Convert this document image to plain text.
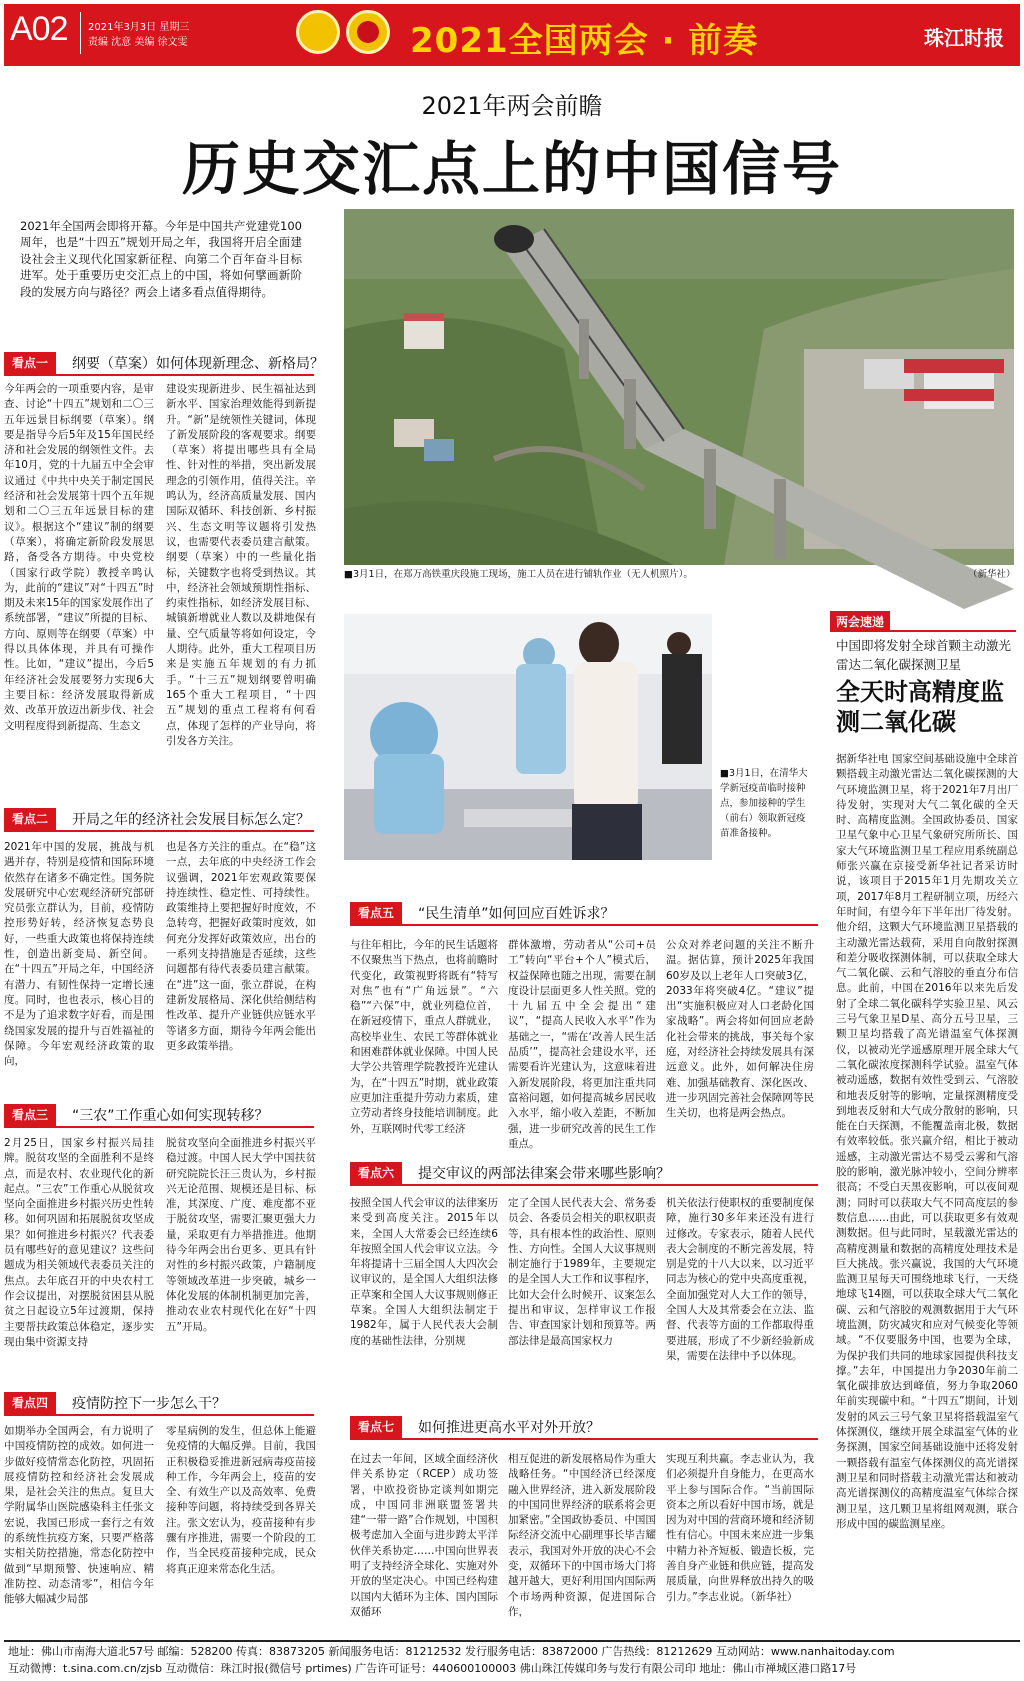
A02 2021年3月3日 星期三
责编 沈意 美编 徐文雯
★	2021全国两会 · 前奏	珠江时报
2021年两会前瞻
历史交汇点上的中国信号
2021年全国两会即将开幕。今年是中国共产党建党100周年，也是“十四五”规划开局之年，我国将开启全面建设社会主义现代化国家新征程、向第二个百年奋斗目标进军。处于重要历史交汇点上的中国，将如何擘画新阶段的发展方向与路径？两会上诸多看点值得期待。
■3月1日，在郑万高铁重庆段施工现场，施工人员在进行铺轨作业（无人机照片）。	（新华社）
■3月1日，在清华大学新冠疫苗临时接种点，参加接种的学生（前右）领取新冠疫苗准备接种。
看点一	纲要（草案）如何体现新理念、新格局？
今年两会的一项重要内容，是审查、讨论“十四五”规划和二〇三五年远景目标纲要（草案）。纲要是指导今后5年及15年国民经济和社会发展的纲领性文件。去年10月，党的十九届五中全会审议通过《中共中央关于制定国民经济和社会发展第十四个五年规划和二〇三五年远景目标的建议》。根据这个“建议”制的纲要（草案），将确定新阶段发展思路，备受各方期待。中央党校（国家行政学院）教授辛鸣认为，此前的“建议”对“十四五”时期及未来15年的国家发展作出了系统部署，“建议”所提的目标、方向、原则等在纲要（草案）中得以具体体现，并具有可操作性。比如，“建议”提出，今后5年经济社会发展要努力实现6大主要目标：经济发展取得新成效、改革开放迈出新步伐、社会文明程度得到新提高、生态文
建设实现新进步、民生福祉达到新水平、国家治理效能得到新提升。“新”是统领性关键词，体现了新发展阶段的客观要求。纲要（草案）将提出哪些具有全局性、针对性的举措，突出新发展理念的引领作用，值得关注。辛鸣认为，经济高质量发展、国内国际双循环、科技创新、乡村振兴、生态文明等议题将引发热议，也需要代表委员建言献策。纲要（草案）中的一些量化指标，关键数字也将受到热议。其中，经济社会领域预期性指标、约束性指标，如经济发展目标、城镇新增就业人数以及耕地保有量、空气质量等将如何设定，令人期待。此外，重大工程项目历来是实施五年规划的有力抓手。“十三五”规划纲要曾明确165个重大工程项目，“十四五”规划的重点工程将有何看点，体现了怎样的产业导向，将引发各方关注。
看点二	开局之年的经济社会发展目标怎么定？
2021年中国的发展，挑战与机遇并存，特别是疫情和国际环境依然存在诸多不确定性。国务院发展研究中心宏观经济研究部研究员张立群认为，目前，疫情防控形势好转，经济恢复态势良好，一些重大政策也将保持连续性，创造出新变局、新空间。在“十四五”开局之年，中国经济有潜力、有韧性保持一定增长速度。同时，也也表示，核心目的不是为了追求数字好看，而是围绕国家发展的提升与百姓福祉的保障。今年宏观经济政策的取向，
也是各方关注的重点。在“稳”这一点，去年底的中央经济工作会议强调，2021年宏观政策要保持连续性、稳定性、可持续性。政策维持上要把握好时度效，不急转弯，把握好政策时度效，如何充分发挥好政策效应，出台的一系列支持措施是否延续，这些问题都有待代表委员建言献策。在“进”这一面，张立群说，在构建新发展格局、深化供给侧结构性改革、提升产业链供应链水平等诸多方面，期待今年两会能出更多政策举措。
看点三	“三农”工作重心如何实现转移？
2月25日，国家乡村振兴局挂牌。脱贫攻坚的全面胜利不是终点，而是农村、农业现代化的新起点。“三农”工作重心从脱贫攻坚向全面推进乡村振兴历史性转移。如何巩固和拓展脱贫攻坚成果？如何推进乡村振兴？代表委员有哪些好的意见建议？这些问题成为相关领域代表委员关注的焦点。去年底召开的中央农村工作会议提出，对摆脱贫困县从脱贫之日起设立5年过渡期，保持主要帮扶政策总体稳定，逐步实现由集中资源支持
脱贫攻坚向全面推进乡村振兴平稳过渡。中国人民大学中国扶贫研究院院长汪三贵认为，乡村振兴无论范围、规模还是目标、标准，其深度、广度、难度都不亚于脱贫攻坚，需要汇聚更强大力量，采取更有力举措推进。他期待今年两会出台更多、更具有针对性的乡村振兴政策，户籍制度等领域改革进一步突破，城乡一体化发展的体制机制更加完善，推动农业农村现代化在好“十四五”开局。
看点四	疫情防控下一步怎么干？
如期举办全国两会，有力说明了中国疫情防控的成效。如何进一步做好疫情常态化防控，巩固拓展疫情防控和经济社会发展成果，是社会关注的焦点。复旦大学附属华山医院感染科主任张文宏说，我国已形成一套行之有效的系统性抗疫方案，只要严格落实相关防控措施，常态化防控中做到“早期预警、快速响应、精准防控、动态清零”，相信今年能够大幅减少局部
零星病例的发生，但总体上能避免疫情的大幅反弹。目前，我国正积极稳妥推进新冠病毒疫苗接种工作，今年两会上，疫苗的安全、有效生产以及高效率、免费接种等问题，将持续受到各界关注。张文宏认为，疫苗接种有步骤有序推进，需要一个阶段的工作，当全民疫苗接种完成，民众将真正迎来常态化生活。
看点五	“民生清单”如何回应百姓诉求？
与往年相比，今年的民生话题将不仅聚焦当下热点，也将前瞻时代变化，政策视野将既有“特写对焦”也有“广角远景”。“六稳”“六保”中，就业列稳位首，在新冠疫情下，重点人群就业，高校毕业生、农民工等群体就业和困难群体就业保障。中国人民大学公共管理学院教授许光建认为，在“十四五”时期，就业政策应更加注重提升劳动力素质，建立劳动者终身技能培训制度。此外，互联网时代零工经济
群体激增，劳动者从“公司+员工”转向“平台+个人”模式后，权益保障也随之出现，需要在制度设计层面更多人性关照。党的十九届五中全会提出“建议”，“提高人民收入水平”作为基础之一，“需在‘改善人民生活品质’”，提高社会建设水平，还需要看许光建认为，这意味着进入新发展阶段，将更加注重共同富裕问题，如何提高城乡居民收入水平，缩小收入差距，不断加强，进一步研究改善的民生工作重点。
公众对养老问题的关注不断升温。据估算，预计2025年我国60岁及以上老年人口突破3亿，2033年将突破4亿。“建议”提出“实施积极应对人口老龄化国家战略”。两会将如何回应老龄化社会带来的挑战，事关每个家庭，对经济社会持续发展具有深远意义。此外，如何解决住房难、加强基础教育、深化医改、进一步巩固完善社会保障网等民生关切，也将是两会热点。
看点六	提交审议的两部法律案会带来哪些影响？
按照全国人代会审议的法律案历来受到高度关注。2015年以来，全国人大常委会已经连续6年按照全国人代会审议立法。今年将提请十三届全国人大四次会议审议的，是全国人大组织法修正草案和全国人大议事规则修正草案。全国人大组织法制定于1982年，属于人民代表大会制度的基础性法律，分别规
定了全国人民代表大会、常务委员会、各委员会相关的职权职责等，具有根本性的政治性、原则性、方向性。全国人大议事规则制定施行于1989年，主要规定的是全国人大工作和议事程序，比如大会什么时候开、议案怎么提出和审议，怎样审议工作报告、审查国家计划和预算等。两部法律是最高国家权力
机关依法行使职权的重要制度保障，施行30多年来还没有进行过修改。专家表示，随着人民代表大会制度的不断完善发展，特别是党的十八大以来，以习近平同志为核心的党中央高度重视，全面加强党对人大工作的领导，全国人大及其常委会在立法、监督、代表等方面的工作都取得重要进展，形成了不少新经验新成果，需要在法律中予以体现。
看点七	如何推进更高水平对外开放？
在过去一年间，区域全面经济伙伴关系协定（RCEP）成功签署，中欧投资协定谈判如期完成，中国同非洲联盟签署共建“一带一路”合作规划，中国积极考虑加入全面与进步跨太平洋伙伴关系协定……中国向世界表明了支持经济全球化、实施对外开放的坚定决心。中国已经构建以国内大循环为主体、国内国际双循环
相互促进的新发展格局作为重大战略任务。“中国经济已经深度融入世界经济，进入新发展阶段的中国同世界经济的联系将会更加紧密。”全国政协委员、中国国际经济交流中心副理事长毕吉耀表示，我国对外开放的决心不会变，双循环下的中国市场大门将越开越大，更好利用国内国际两个市场两种资源，促进国际合作，
实现互利共赢。李志业认为，我们必须提升自身能力，在更高水平上参与国际合作。“当前国际资本之所以看好中国市场，就是因为对中国的营商环境和经济韧性有信心。中国未来应进一步集中精力补齐短板、锻造长板，完善自身产业链和供应链，提高发展质量，向世界释放出持久的吸引力。”李志业说。（新华社）
两会速递
中国即将发射全球首颗主动激光雷达二氧化碳探测卫星
全天时高精度监测二氧化碳
据新华社电 国家空间基础设施中全球首颗搭载主动激光雷达二氧化碳探测的大气环境监测卫星，将于2021年7月出厂待发射，实现对大气二氧化碳的全天时、高精度监测。全国政协委员、国家卫星气象中心卫星气象研究所所长、国家大气环境监测卫星工程应用系统副总师张兴赢在京接受新华社记者采访时说，该项目于2015年1月先期攻关立项，2017年8月工程研制立项，历经六年时间，有望今年下半年出厂待发射。他介绍，这颗大气环境监测卫星搭载的主动激光雷达载荷，采用自向散射探测和差分吸收探测体制，可以获取全球大气二氧化碳、云和气溶胶的垂直分布信息。此前，中国在2016年以来先后发射了全球二氧化碳科学实验卫星、风云三号气象卫星D星、高分五号卫星，三颗卫星均搭载了高光谱温室气体探测仪，以被动光学遥感原理开展全球大气二氧化碳浓度探测科学试验。温室气体被动遥感，数据有效性受到云、气溶胶和地表反射等的影响，定量探测精度受到地表反射和大气成分散射的影响，只能在白天探测，不能覆盖南北极，数据有效率较低。张兴赢介绍，相比于被动遥感，主动激光雷达不易受云雾和气溶胶的影响，激光脉冲较小，空间分辨率很高；不受白天黑夜影响，可以夜间观测；同时可以获取大气不同高度层的参数信息……由此，可以获取更多有效观测数据。但与此同时，星载激光雷达的高精度测量和数据的高精度处理技术是巨大挑战。张兴赢说，我国的大气环境监测卫星每天可围绕地球飞行，一天绕地球飞14圈，可以获取全球大气二氧化碳、云和气溶胶的观测数据用于大气环境监测，防灾减灾和应对气候变化等领域。“不仅要服务中国，也要为全球，为保护我们共同的地球家园提供科技支撑。”去年，中国提出力争2030年前二氧化碳排放达到峰值，努力争取2060年前实现碳中和。“十四五”期间，计划发射的风云三号气象卫星将搭载温室气体探测仪，继续开展全球温室气体的业务探测，国家空间基础设施中还将发射一颗搭载有温室气体探测仪的高光谱探测卫星和同时搭载主动激光雷达和被动高光谱探测仪的高精度温室气体综合探测卫星，这几颗卫星将组网观测，联合形成中国的碳监测星座。
地址：佛山市南海大道北57号 邮编：528200 传真：83873205 新闻服务电话：81212532 发行服务电话：83872000 广告热线：81212629 互动网站：www.nanhaitoday.com
互动微博：t.sina.com.cn/zjsb 互动微信：珠江时报(微信号 prtimes) 广告许可证号：440600100003 佛山珠江传媒印务与发行有限公司印 地址：佛山市禅城区港口路17号
